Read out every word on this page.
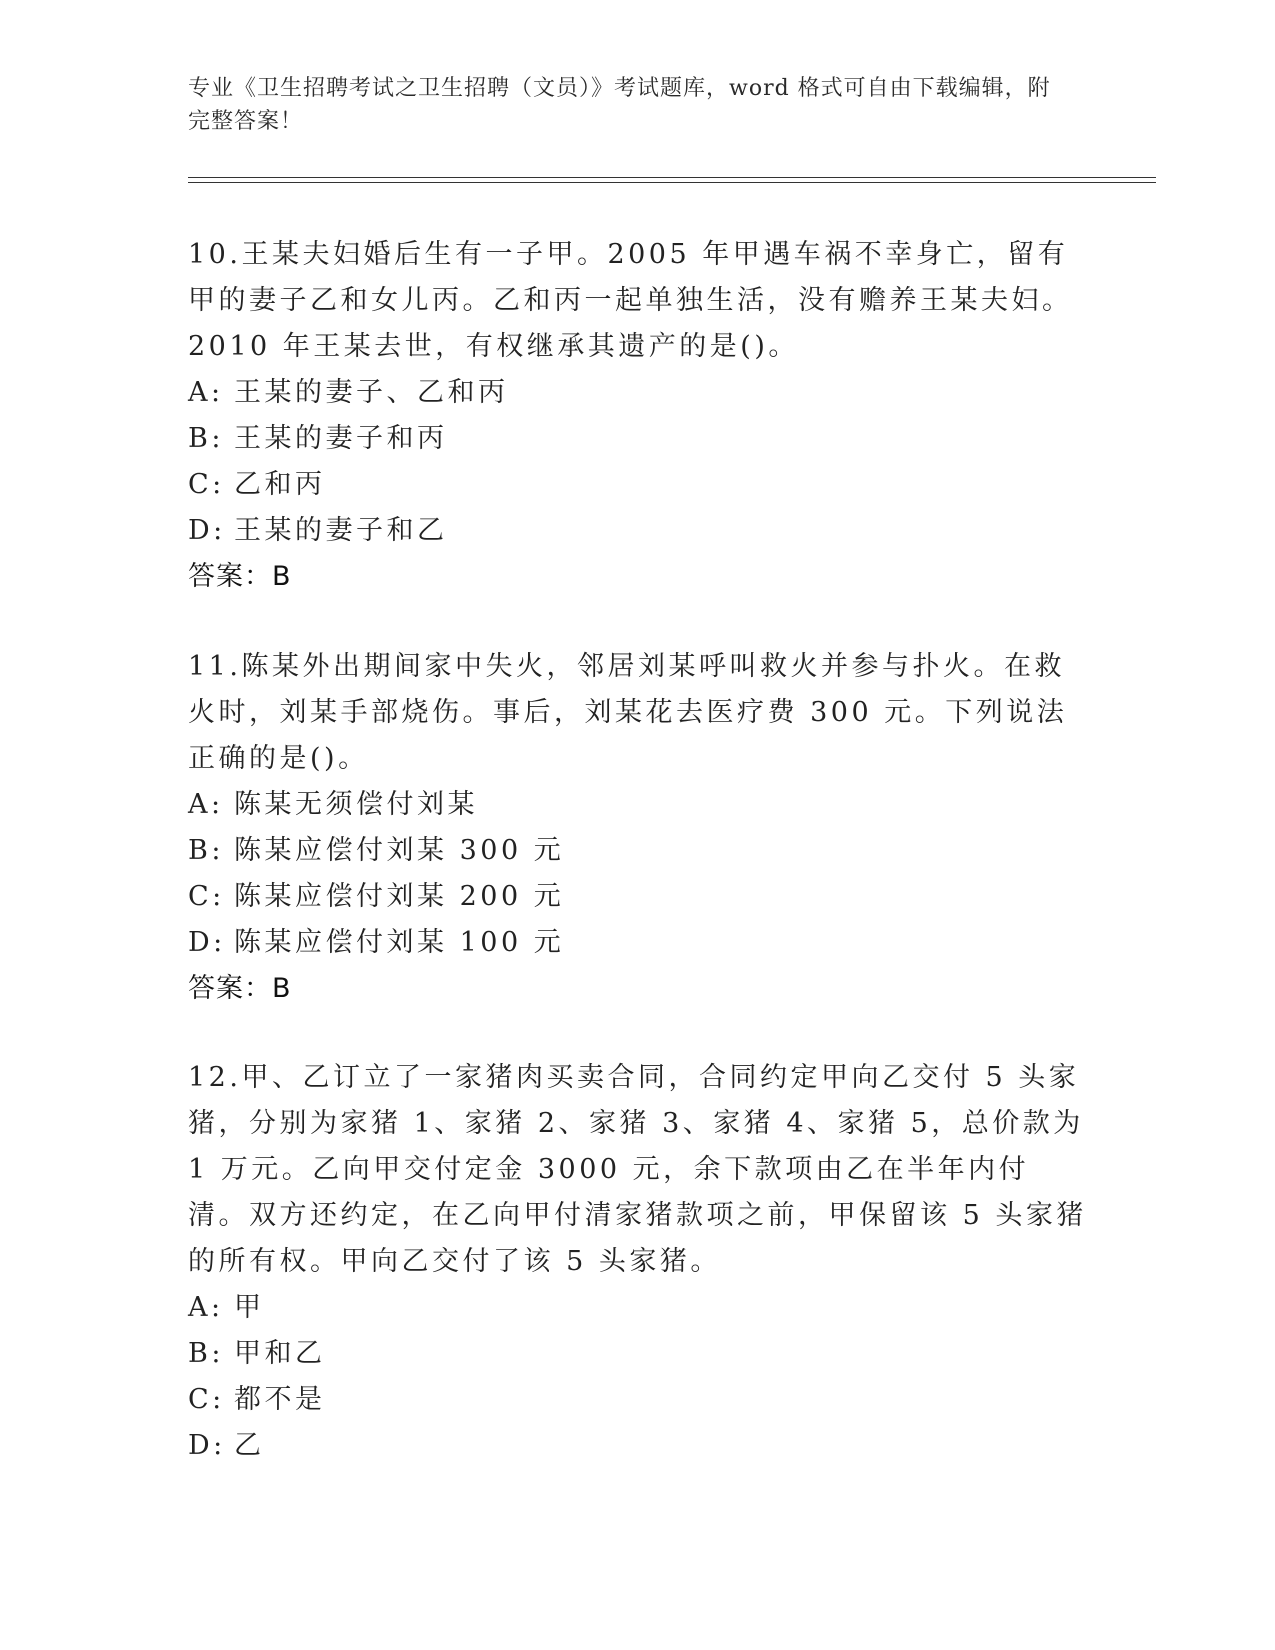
专业《卫生招聘考试之卫生招聘（文员）》考试题库，word 格式可自由下载编辑，附完整答案！

10.王某夫妇婚后生有一子甲。2005 年甲遇车祸不幸身亡，留有甲的妻子乙和女儿丙。乙和丙一起单独生活，没有赡养王某夫妇。2010 年王某去世，有权继承其遗产的是()。

A: 王某的妻子、乙和丙
B: 王某的妻子和丙
C: 乙和丙
D: 王某的妻子和乙
答案：B

11.陈某外出期间家中失火，邻居刘某呼叫救火并参与扑火。在救火时，刘某手部烧伤。事后，刘某花去医疗费 300 元。下列说法正确的是()。

A: 陈某无须偿付刘某
B: 陈某应偿付刘某 300 元
C: 陈某应偿付刘某 200 元
D: 陈某应偿付刘某 100 元
答案：B

12.甲、乙订立了一家猪肉买卖合同，合同约定甲向乙交付 5 头家猪，分别为家猪 1、家猪 2、家猪 3、家猪 4、家猪 5，总价款为 1 万元。乙向甲交付定金 3000 元，余下款项由乙在半年内付清。双方还约定，在乙向甲付清家猪款项之前，甲保留该 5 头家猪的所有权。甲向乙交付了该 5 头家猪。

A: 甲
B: 甲和乙
C: 都不是
D: 乙
